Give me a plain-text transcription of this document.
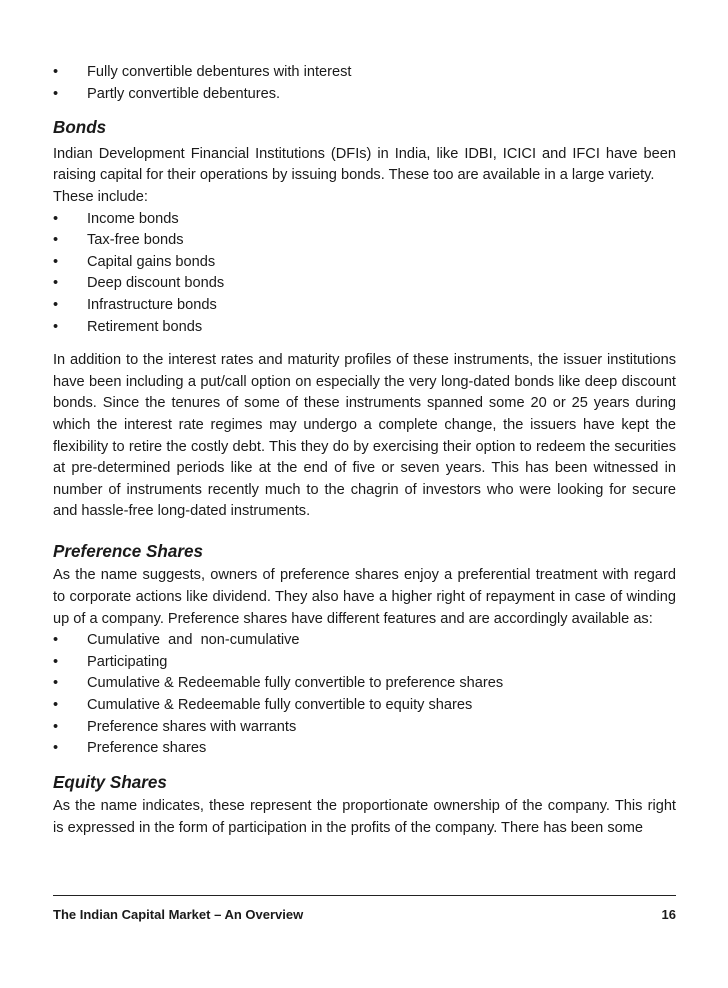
• Fully convertible debentures with interest
• Partly convertible debentures.
Bonds

Indian Development Financial Institutions (DFIs) in India, like IDBI, ICICI and IFCI have been raising capital for their operations by issuing bonds. These too are available in a large variety.

These include:
• Income bonds
• Tax-free bonds
• Capital gains bonds
• Deep discount bonds
• Infrastructure bonds
• Retirement bonds

In addition to the interest rates and maturity profiles of these instruments, the issuer institutions have been including a put/call option on especially the very long-dated bonds like deep discount bonds. Since the tenures of some of these instruments spanned some 20 or 25 years during which the interest rate regimes may undergo a complete change, the issuers have kept the flexibility to retire the costly debt. This they do by exercising their option to redeem the securities at pre-determined periods like at the end of five or seven years. This has been witnessed in number of instruments recently much to the chagrin of investors who were looking for secure and hassle-free long-dated instruments.

Preference Shares

As the name suggests, owners of preference shares enjoy a preferential treatment with regard to corporate actions like dividend. They also have a higher right of repayment in case of winding up of a company. Preference shares have different features and are accordingly available as:

• Cumulative  and  non-cumulative
• Participating
• Cumulative & Redeemable fully convertible to preference shares
• Cumulative & Redeemable fully convertible to equity shares
• Preference shares with warrants
• Preference shares
Equity Shares

As the name indicates, these represent the proportionate ownership of the company. This right is expressed in the form of participation in the profits of the company. There has been some

The Indian Capital Market – An Overview	16
